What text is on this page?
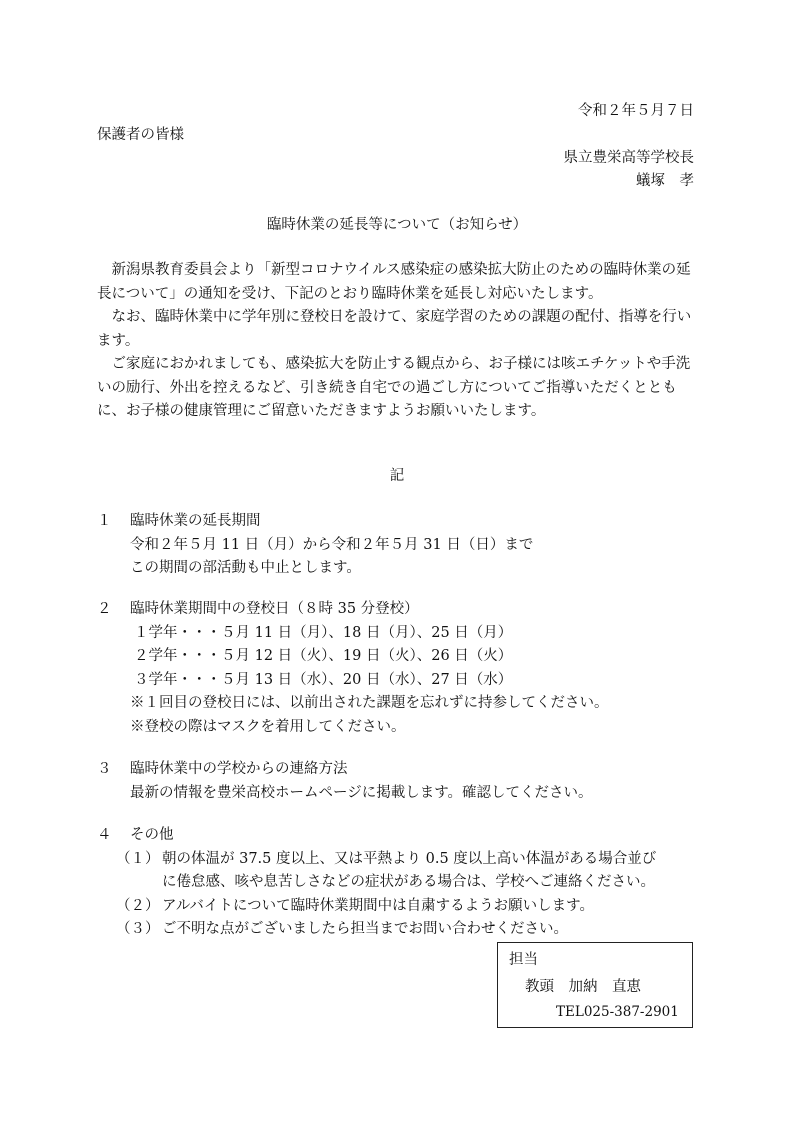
令和２年５月７日
保護者の皆様
県立豊栄高等学校長
蟻塚　孝
臨時休業の延長等について（お知らせ）

新潟県教育委員会より「新型コロナウイルス感染症の感染拡大防止のための臨時休業の延長について」の通知を受け、下記のとおり臨時休業を延長し対応いたします。

なお、臨時休業中に学年別に登校日を設けて、家庭学習のための課題の配付、指導を行います。

ご家庭におかれましても、感染拡大を防止する観点から、お子様には咳エチケットや手洗いの励行、外出を控えるなど、引き続き自宅での過ごし方についてご指導いただくとともに、お子様の健康管理にご留意いただきますようお願いいたします。

記
１	臨時休業の延長期間
令和２年５月 11 日（月）から令和２年５月 31 日（日）まで
この期間の部活動も中止とします。
２	臨時休業期間中の登校日（８時 35 分登校）
１学年・・・５月 11 日（月）、18 日（月）、25 日（月）
２学年・・・５月 12 日（火）、19 日（火）、26 日（火）
３学年・・・５月 13 日（水）、20 日（水）、27 日（水）
※１回目の登校日には、以前出された課題を忘れずに持参してください。
※登校の際はマスクを着用してください。
３	臨時休業中の学校からの連絡方法
最新の情報を豊栄高校ホームページに掲載します。確認してください。
４	その他
（１） 朝の体温が 37.5 度以上、又は平熱より 0.5 度以上高い体温がある場合並び
に倦怠感、咳や息苦しさなどの症状がある場合は、学校へご連絡ください。
（２） アルバイトについて臨時休業期間中は自粛するようお願いします。
（３） ご不明な点がございましたら担当までお問い合わせください。
担当
教頭　加納　直恵
TEL025-387-2901
